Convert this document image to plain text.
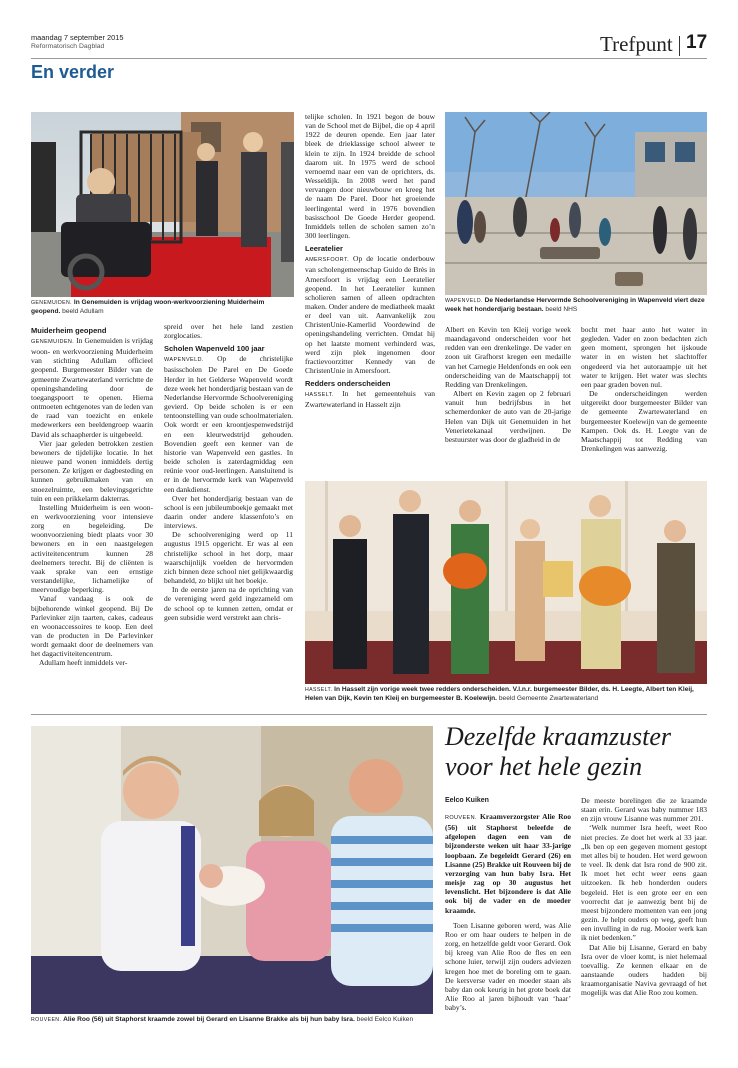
maandag 7 september 2015
Reformatorisch Dagblad	Trefpunt 17
En verder
GENEMUIDEN. In Genemuiden is vrijdag woon-werkvoorziening Muiderheim geopend. beeld Adullam
Muiderheim geopend

GENEMUIDEN. In Genemuiden is vrijdag woon- en werkvoorziening Muiderheim van stichting Adullam officieel geopend. Burgemeester Bilder van de gemeente Zwartewaterland verrichtte de openingshandeling door de toegangspoort te openen. Hierna ontmoeten echtgenotes van de leden van de raad van toezicht en enkele medewerkers een beeldengroep waarin David als schaapherder is uitgebeeld.

Vier jaar geleden betrokken zestien bewoners de tijdelijke locatie. In het nieuwe pand wonen inmiddels dertig personen. Ze krijgen er dagbesteding en kunnen gebruikmaken van en snoezelruimte, een belevingsgerichte tuin en een prikkelarm dakterras.

Instelling Muiderheim is een woon- en werkvoorziening voor intensieve zorg en begeleiding. De woonvoorziening biedt plaats voor 30 bewoners en in een naastgelegen activiteitencentrum kunnen 28 deelnemers terecht. Bij de cliënten is vaak sprake van een ernstige verstandelijke, lichamelijke of meervoudige beperking.

Vanaf vandaag is ook de bijbehorende winkel geopend. Bij De Parlevinker zijn taarten, cakes, cadeaus en woonaccessoires te koop. Een deel van de producten in De Parlevinker wordt gemaakt door de deelnemers van het dagactiviteitencentrum.

Adullam heeft inmiddels ver-

spreid over het hele land zestien zorglocaties.

Scholen Wapenveld 100 jaar

WAPENVELD. Op de christelijke basisscholen De Parel en De Goede Herder in het Gelderse Wapenveld wordt deze week het honderdjarig bestaan van de Nederlandse Hervormde Schoolvereniging gevierd. Op beide scholen is er een tentoonstelling van oude schoolmaterialen. Ook wordt er een kroontjespenwedstrijd en een kleurwedstrijd gehouden. Bovendien geeft een kenner van de historie van Wapenveld een gastles. In beide scholen is zaterdagmiddag een reünie voor oud-leerlingen. Aansluitend is er in de hervormde kerk van Wapenveld een dankdienst.

Over het honderdjarig bestaan van de school is een jubileumboekje gemaakt met daarin onder andere klassenfoto’s en interviews.

De schoolvereniging werd op 11 augustus 1915 opgericht. Er was al een christelijke school in het dorp, maar waarschijnlijk voelden de hervormden zich binnen deze school niet gelijkwaardig behandeld, zo blijkt uit het boekje.

In de eerste jaren na de oprichting van de vereniging werd geld ingezameld om de school op te kunnen zetten, omdat er geen subsidie werd verstrekt aan chris-

telijke scholen. In 1921 begon de bouw van de School met de Bijbel, die op 4 april 1922 de deuren opende. Een jaar later bleek de drieklassige school alweer te klein te zijn. In 1924 breidde de school daarom uit. In 1975 werd de school vernoemd naar een van de oprichters, ds. Wesseldijk. In 2008 werd het pand vervangen door nieuwbouw en kreeg het de naam De Parel. Door het groeiende leerlingental werd in 1976 bovendien basisschool De Goede Herder geopend. Inmiddels tellen de scholen samen zo’n 300 leerlingen.

Leeratelier

AMERSFOORT. Op de locatie onderbouw van scholengemeenschap Guido de Brès in Amersfoort is vrijdag een Leeratelier geopend. In het Leeratelier kunnen scholieren samen of alleen opdrachten maken. Onder andere de mediatheek maakt er deel van uit. Aanvankelijk zou ChristenUnie-Kamerlid Voordewind de openingshandeling verrichten. Omdat hij op het laatste moment verhinderd was, werd zijn plek ingenomen door fractievoorzitter Kennedy van de ChristenUnie in Amersfoort.

Redders onderscheiden

HASSELT. In het gemeentehuis van Zwartewaterland in Hasselt zijn

WAPENVELD. De Nederlandse Hervormde Schoolvereniging in Wapenveld viert deze week het honderdjarig bestaan. beeld NHS

Albert en Kevin ten Kleij vorige week maandagavond onderscheiden voor het redden van een drenkelinge. De vader en zoon uit Grafhorst kregen een medaille van het Carnegie Heldenfonds en ook een onderscheiding van de Maatschappij tot Redding van Drenkelingen.

Albert en Kevin zagen op 2 februari vanuit hun bedrijfsbus in het schemerdonker de auto van de 20-jarige Helen van Dijk uit Genemuiden in het Venerietekanaal verdwijnen. De bestuurster was door de gladheid in de

bocht met haar auto het water in gegleden. Vader en zoon bedachten zich geen moment, sprongen het ijskoude water in en wisten het slachtoffer ongedeerd via het autoraampje uit het water te krijgen. Het water was slechts een paar graden boven nul.

De onderscheidingen werden uitgereikt door burgemeester Bilder van de gemeente Zwartewaterland en burgemeester Koelewijn van de gemeente Kampen. Ook ds. H. Leegte van de Maatschappij tot Redding van Drenkelingen was aanwezig.

HASSELT. In Hasselt zijn vorige week twee redders onderscheiden. V.l.n.r. burgemeester Bilder, ds. H. Leegte, Albert ten Kleij, Helen van Dijk, Kevin ten Kleij en burgemeester B. Koelewijn. beeld Gemeente Zwartewaterland
ROUVEEN. Alie Roo (56) uit Staphorst kraamde zowel bij Gerard en Lisanne Brakke als bij hun baby Isra. beeld Eelco Kuiken
Dezelfde kraamzuster voor het hele gezin
Eelco Kuiken

ROUVEEN. Kraamverzorgster Alie Roo (56) uit Staphorst beleefde de afgelopen dagen een van de bijzonderste weken uit haar 33-jarige loopbaan. Ze begeleidt Gerard (26) en Lisanne (25) Brakke uit Rouveen bij de verzorging van hun baby Isra. Het meisje zag op 30 augustus het levenslicht. Het bijzondere is dat Alie ook bij de vader en de moeder kraamde.

Toen Lisanne geboren werd, was Alie Roo er om haar ouders te helpen in de zorg, en hetzelfde geldt voor Gerard. Ook bij kreeg van Alie Roo de fles en een schone luier, terwijl zijn ouders adviezen kregen hoe met de boreling om te gaan. De kersverse vader en moeder staan als baby dan ook keurig in het grote boek dat Alie Roo al jaren bijhoudt van ‘haar’ baby’s.

De meeste borelingen die ze kraamde staan erin. Gerard was baby nummer 183 en zijn vrouw Lisanne was nummer 201.

‘Welk nummer Isra heeft, weet Roo niet precies. Ze doet het werk al 33 jaar. „Ik ben op een gegeven moment gestopt met alles bij te houden. Het werd gewoon te veel. Ik denk dat Isra rond de 900 zit. Ik moet het echt weer eens gaan uitzoeken. Ik heb honderden ouders begeleid. Het is een grote eer en een voorrecht dat je aanwezig bent bij de meest bijzondere momenten van een jong gezin. Je helpt ouders op weg, geeft hun een invulling in de rug. Mooier werk kan ik niet bedenken.”

Dat Alie bij Lisanne, Gerard en baby Isra over de vloer komt, is niet helemaal toevallig. Ze kennen elkaar en de aanstaande ouders hadden bij kraamorganisatie Naviva gevraagd of het mogelijk was dat Alie Roo zou komen.
